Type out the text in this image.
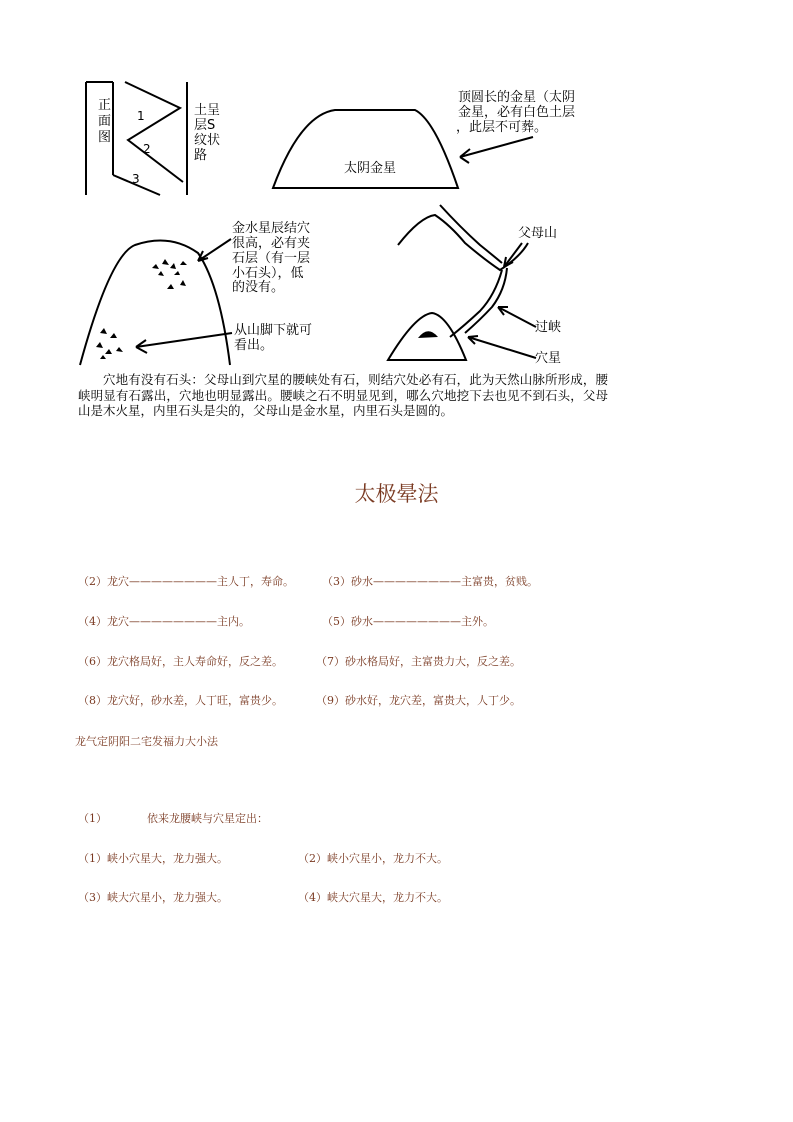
正
面
图
1
2
3
土呈
层S
纹状
路
太阴金星
顶圆长的金星（太阴
金星，必有白色土层
，此层不可葬。
金水星辰结穴
很高，必有夹
石层（有一层
小石头），低
的没有。
从山脚下就可
看出。
父母山
过峡
穴星
穴地有没有石头：父母山到穴星的腰峡处有石，则结穴处必有石，此为天然山脉所形成，腰峡明显有石露出，穴地也明显露出。腰峡之石不明显见到，哪么穴地挖下去也见不到石头，父母山是木火星，内里石头是尖的，父母山是金水星，内里石头是圆的。
太极晕法
（2）龙穴————————主人丁，寿命。	（3）砂水————————主富贵，贫贱。
（4）龙穴————————主内。	（5）砂水————————主外。
（6）龙穴格局好，主人寿命好，反之差。	（7）砂水格局好，主富贵力大，反之差。
（8）龙穴好，砂水差，人丁旺，富贵少。	（9）砂水好，龙穴差，富贵大，人丁少。
龙气定阴阳二宅发福力大小法
（1）	依来龙腰峡与穴星定出：
（1）峡小穴星大，龙力强大。	（2）峡小穴星小，龙力不大。
（3）峡大穴星小，龙力强大。	（4）峡大穴星大，龙力不大。
